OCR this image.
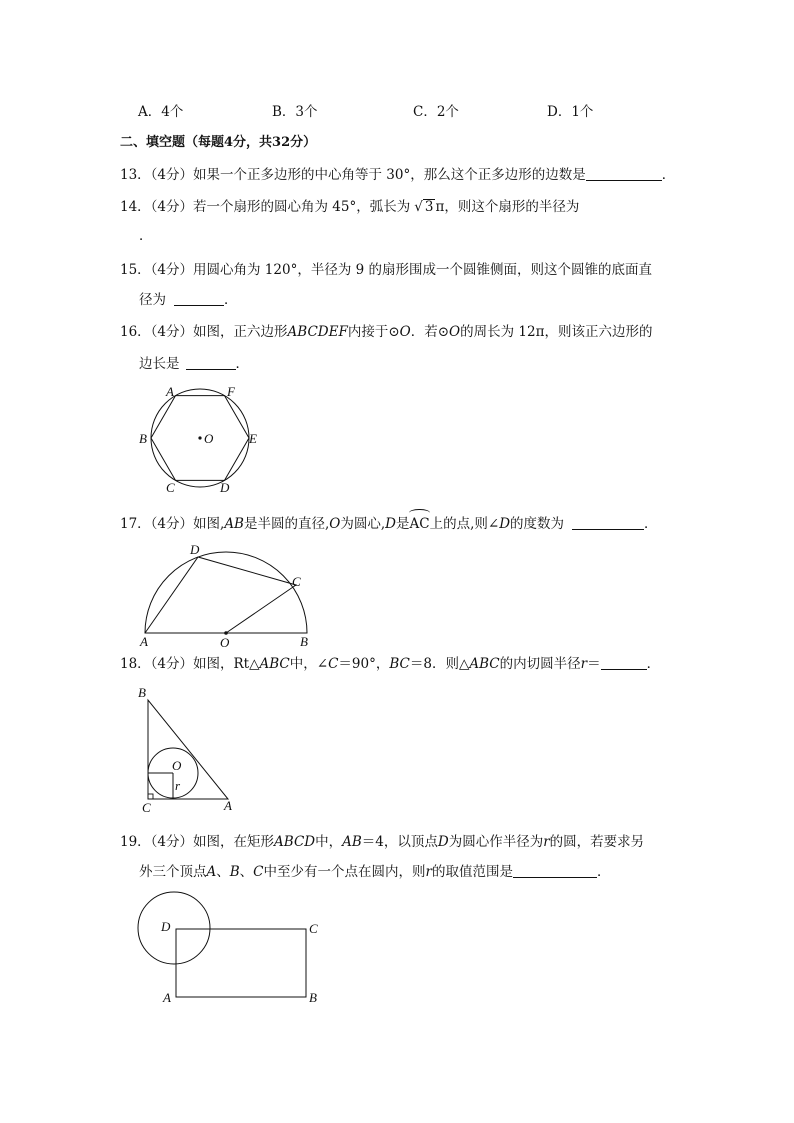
A．4个	B．3个	C．2个	D．1个
二、填空题（每题4分，共32分）
13．（4分）如果一个正多边形的中心角等于 30°，那么这个正多边形的边数是	．
14．（4分）若一个扇形的圆心角为 45°，弧长为 √ 3 π，则这个扇形的半径为
．
15．（4分）用圆心角为 120°，半径为 9 的扇形围成一个圆锥侧面，则这个圆锥的底面直
径为	．
16．（4分）如图，正六边形ABCDEF内接于⊙O．若⊙O的周长为 12π，则该正六边形的
边长是	．
A	F
B	E
C	D
O
17．（4分）如图,AB是半圆的直径,O为圆心,D是AC上的点,则∠D的度数为	．
D
C
A	O	B
18．（4分）如图，Rt△ABC中，∠C＝90°，BC＝8．则△ABC的内切圆半径r＝	．
B
O
r
C	A
19．（4分）如图，在矩形ABCD中，AB＝4，以顶点D为圆心作半径为r的圆，若要求另
外三个顶点A、B、C中至少有一个点在圆内，则r的取值范围是	．
D	C
A	B
